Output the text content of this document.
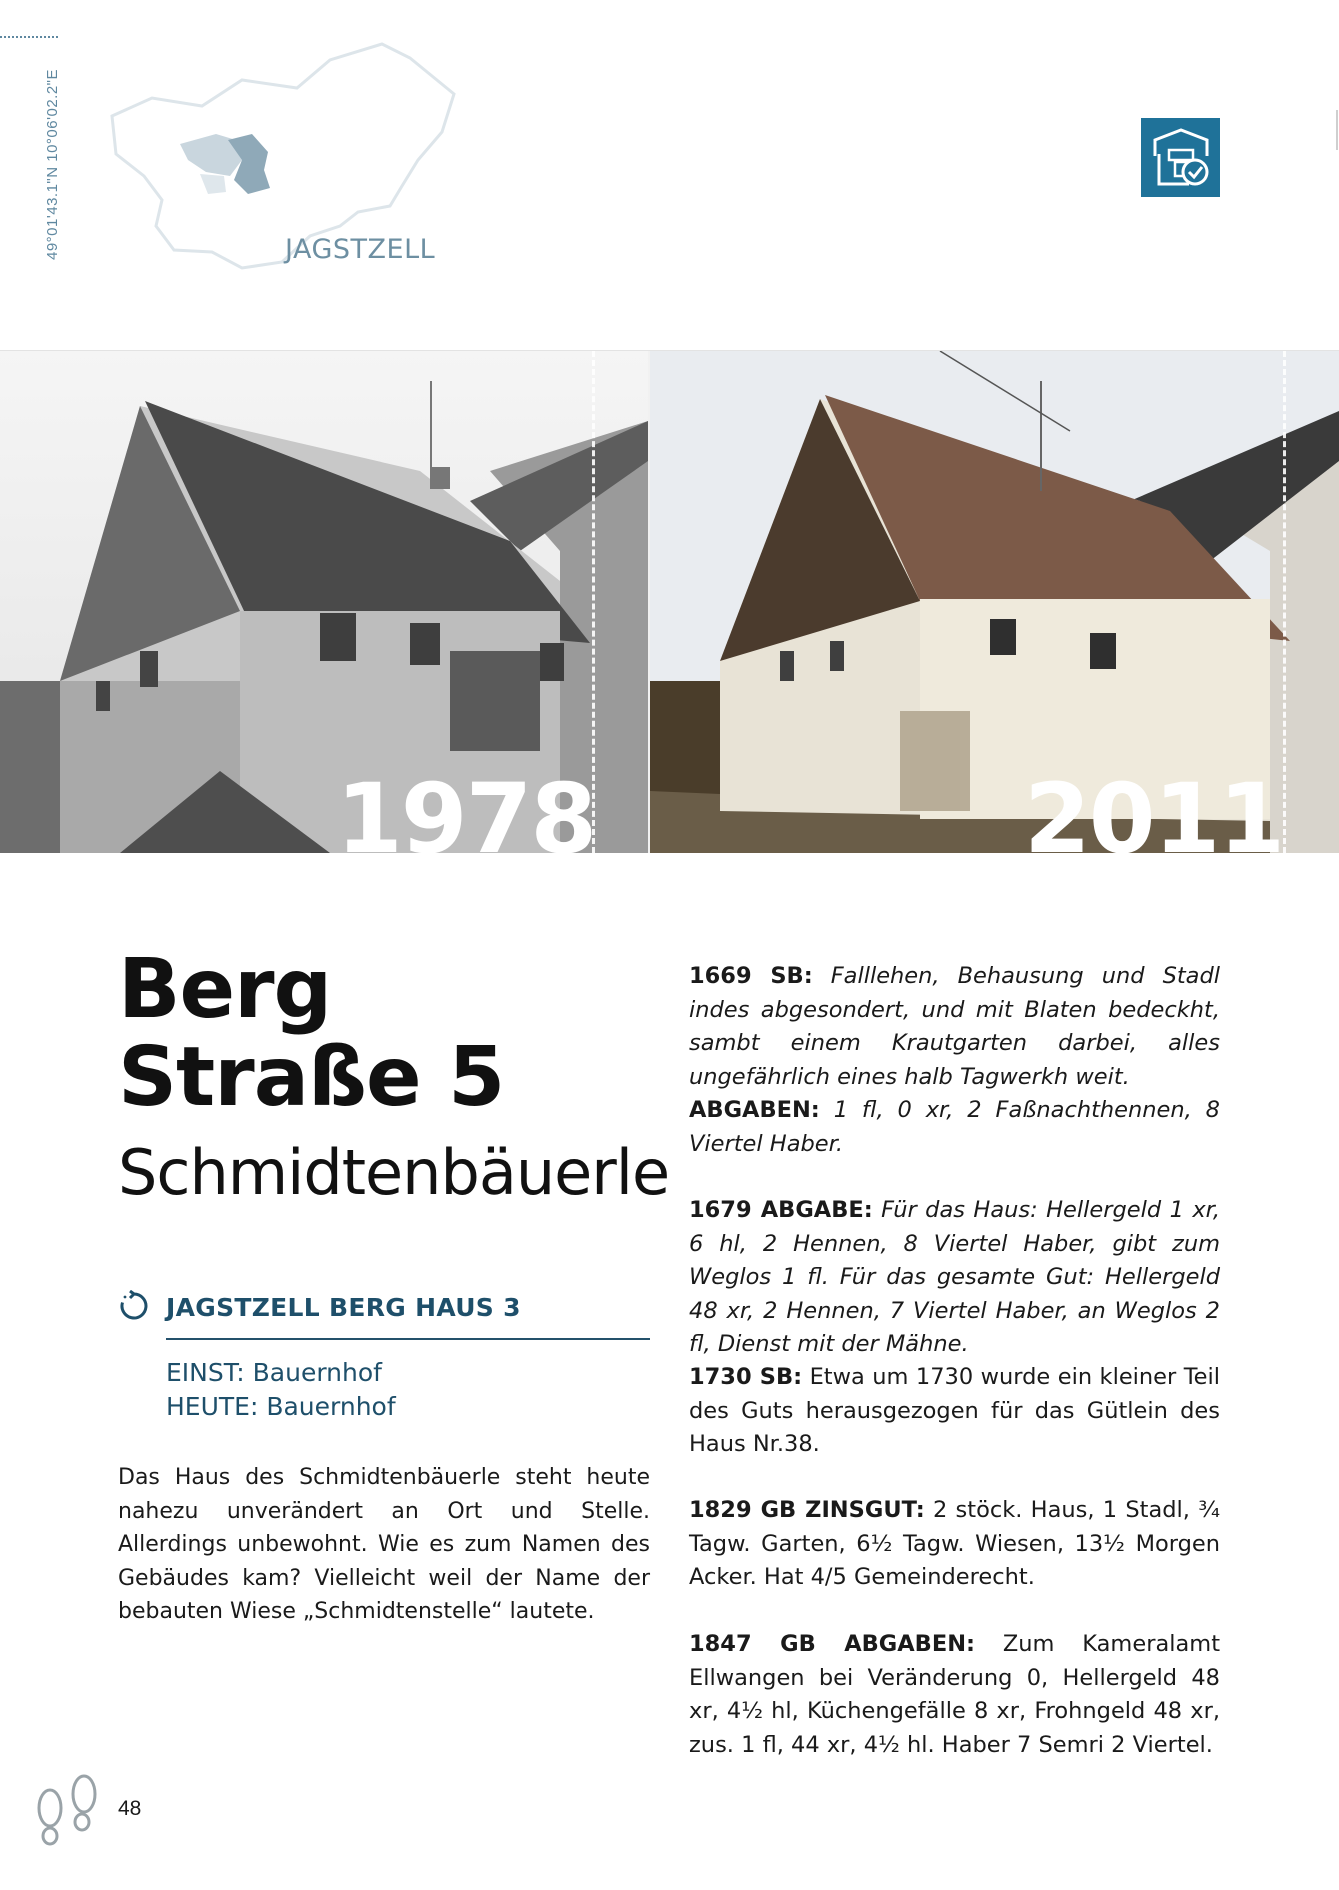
49°01'43.1"N 10°06'02.2"E	JAGSTZELL
1978	2011
Berg
Straße 5
Schmidtenbäuerle
JAGSTZELL BERG HAUS 3
EINST: Bauernhof
HEUTE: Bauernhof
Das Haus des Schmidtenbäuerle steht heute nahezu unverändert an Ort und Stelle. Allerdings unbewohnt. Wie es zum Namen des Gebäudes kam? Vielleicht weil der Name der bebauten Wiese „Schmidtenstelle“ lautete.
1669 SB: Falllehen, Behausung und Stadl indes abgesondert, und mit Blaten bedeckht, sambt einem Krautgarten darbei, alles ungefährlich eines halb Tagwerkh weit.
ABGABEN: 1 fl, 0 xr, 2 Faßnachthennen, 8 Viertel Haber.
1679 ABGABE: Für das Haus: Hellergeld 1 xr, 6 hl, 2 Hennen, 8 Viertel Haber, gibt zum Weglos 1 fl. Für das gesamte Gut: Hellergeld 48 xr, 2 Hennen, 7 Viertel Haber, an Weglos 2 fl, Dienst mit der Mähne.
1730 SB: Etwa um 1730 wurde ein kleiner Teil des Guts herausgezogen für das Gütlein des Haus Nr.38.
1829 GB ZINSGUT: 2 stöck. Haus, 1 Stadl, ¾ Tagw. Garten, 6½ Tagw. Wiesen, 13½ Morgen Acker. Hat 4/5 Gemeinderecht.
1847 GB ABGABEN: Zum Kameralamt Ellwangen bei Veränderung 0, Hellergeld 48 xr, 4½ hl, Küchengefälle 8 xr, Frohngeld 48 xr, zus. 1 fl, 44 xr, 4½ hl. Haber 7 Semri 2 Viertel.
48
